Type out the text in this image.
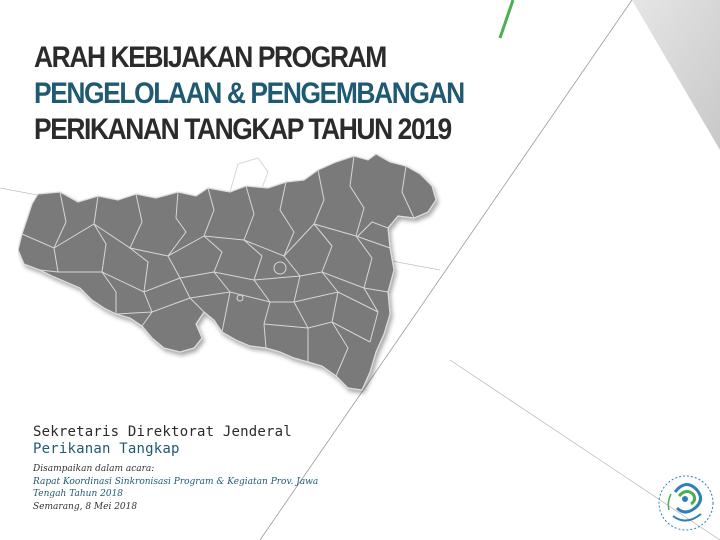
ARAH KEBIJAKAN PROGRAM
PENGELOLAAN & PENGEMBANGAN
PERIKANAN TANGKAP TAHUN 2019
Sekretaris Direktorat Jenderal
Perikanan Tangkap
Disampaikan dalam acara:
Rapat Koordinasi Sinkronisasi Program & Kegiatan Prov. Jawa
Tengah Tahun 2018
Semarang, 8 Mei 2018
